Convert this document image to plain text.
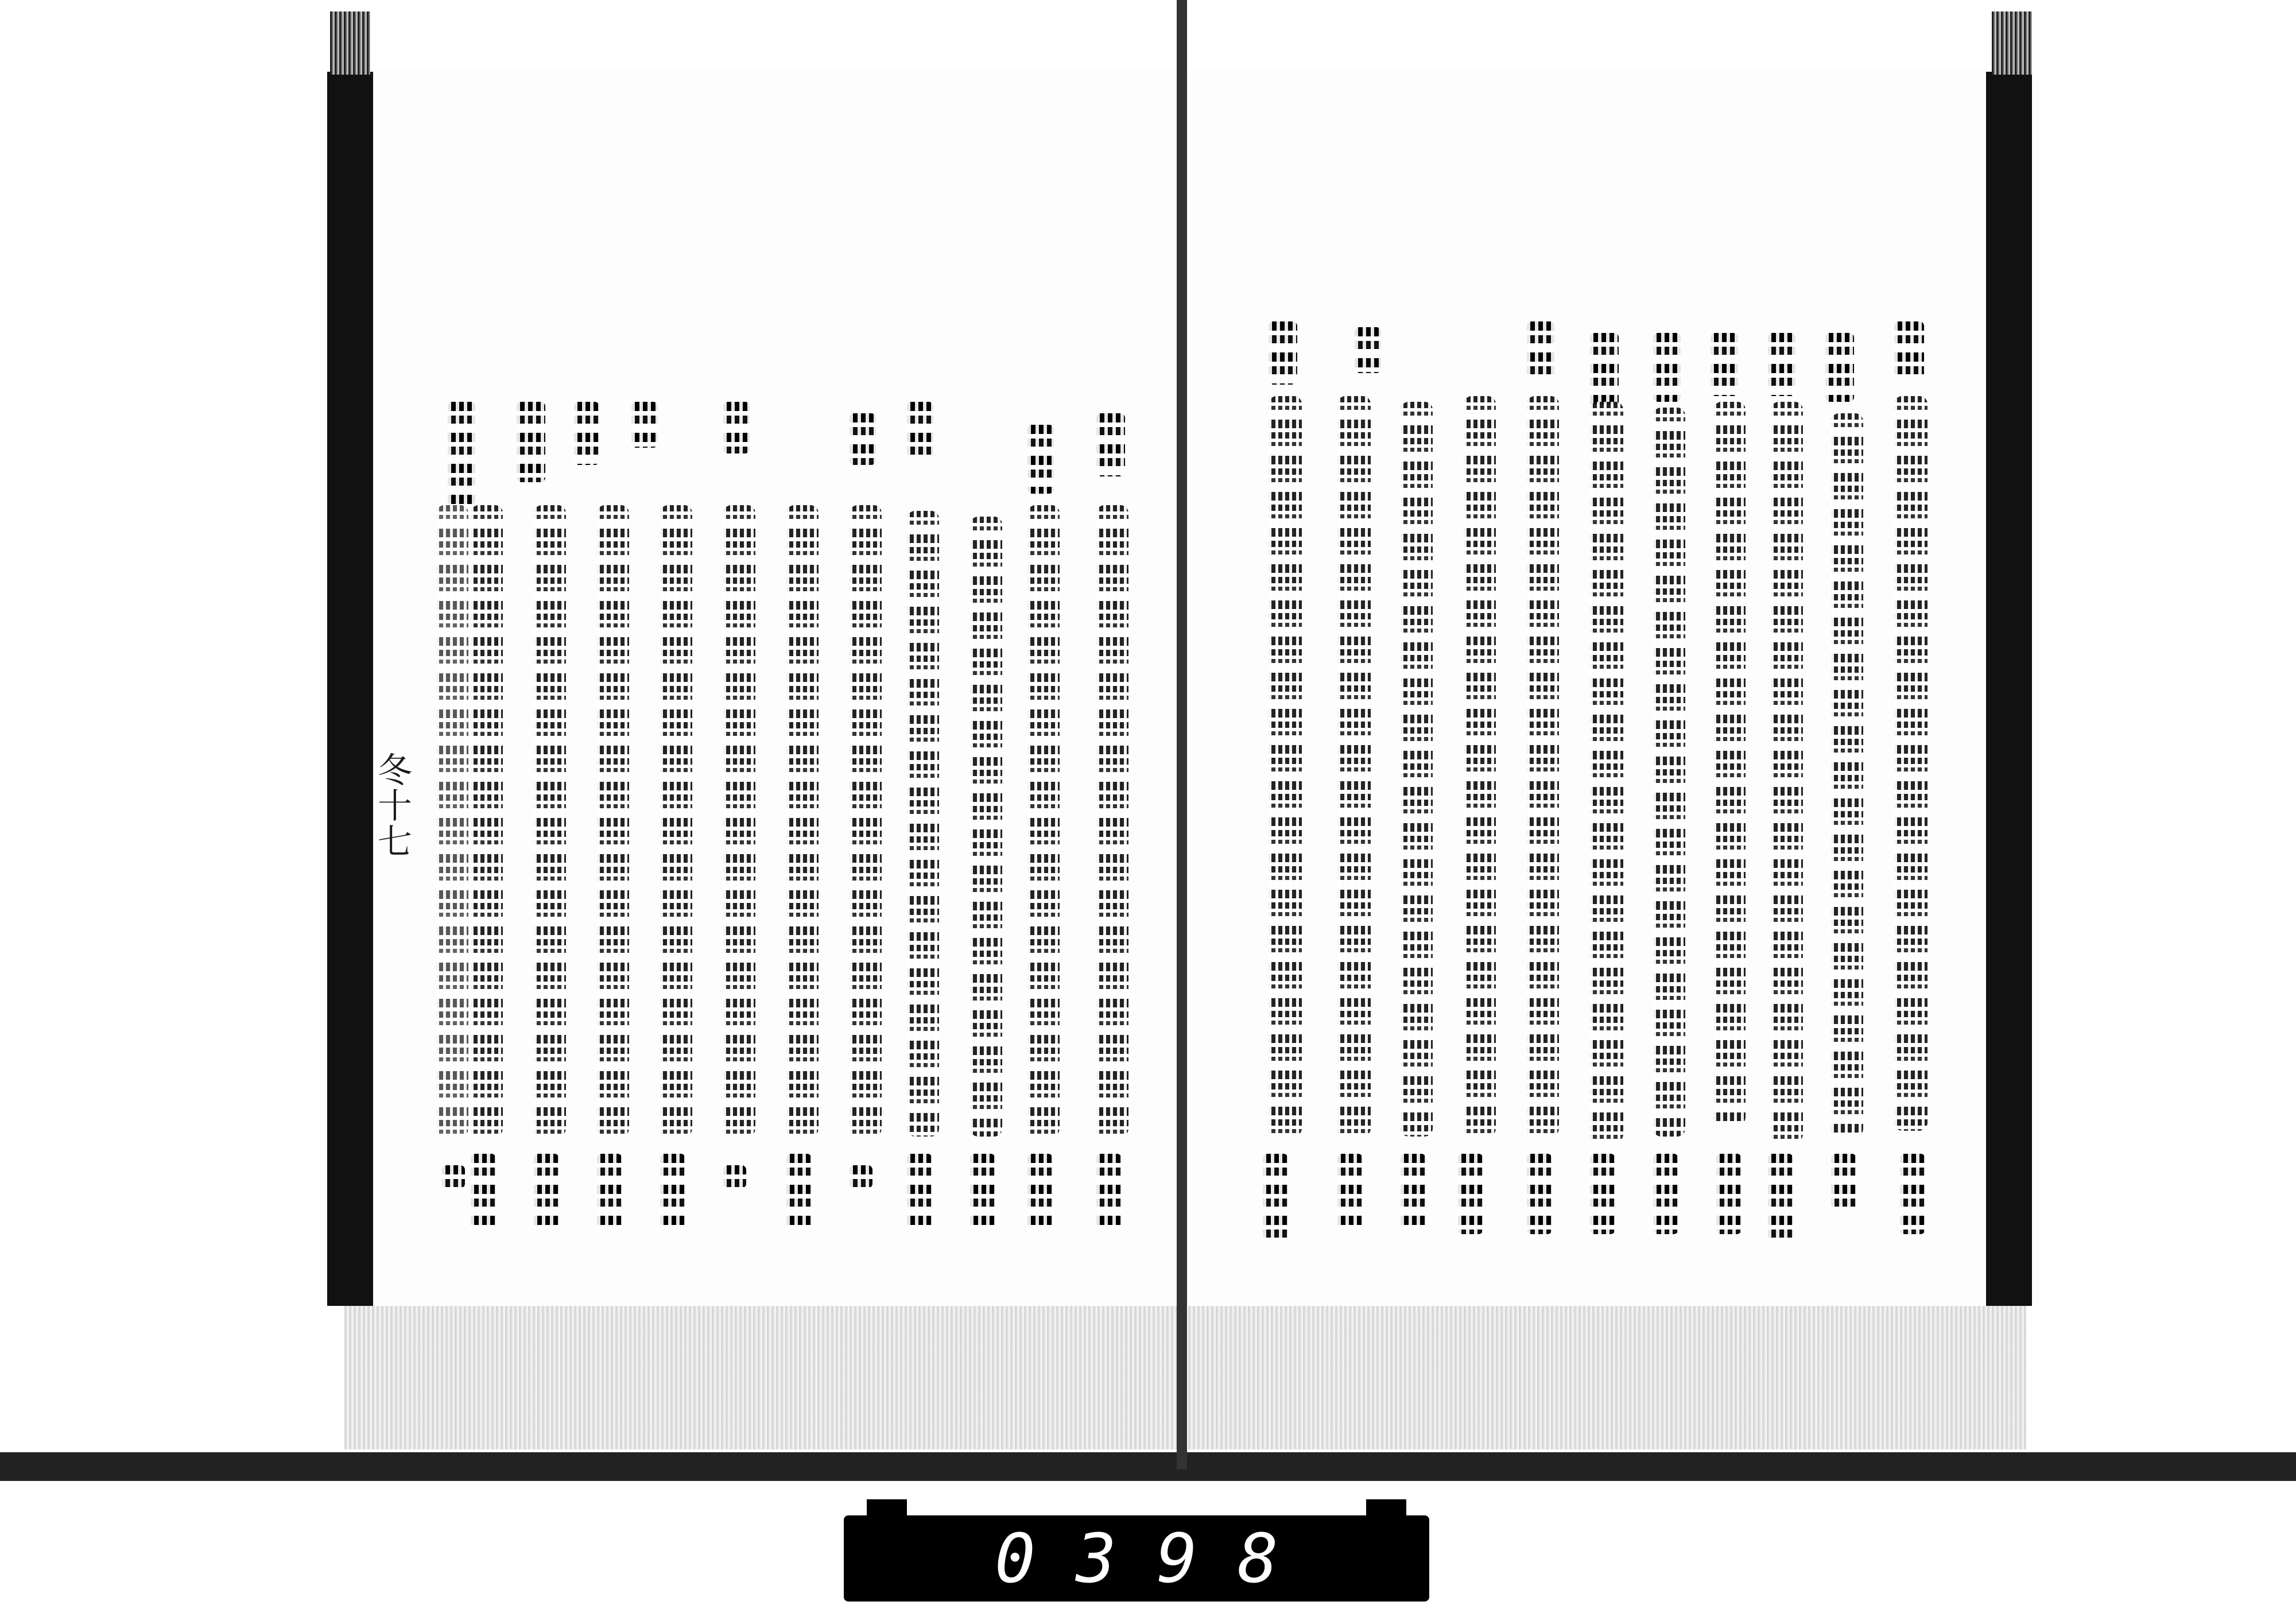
冬十七
0398
